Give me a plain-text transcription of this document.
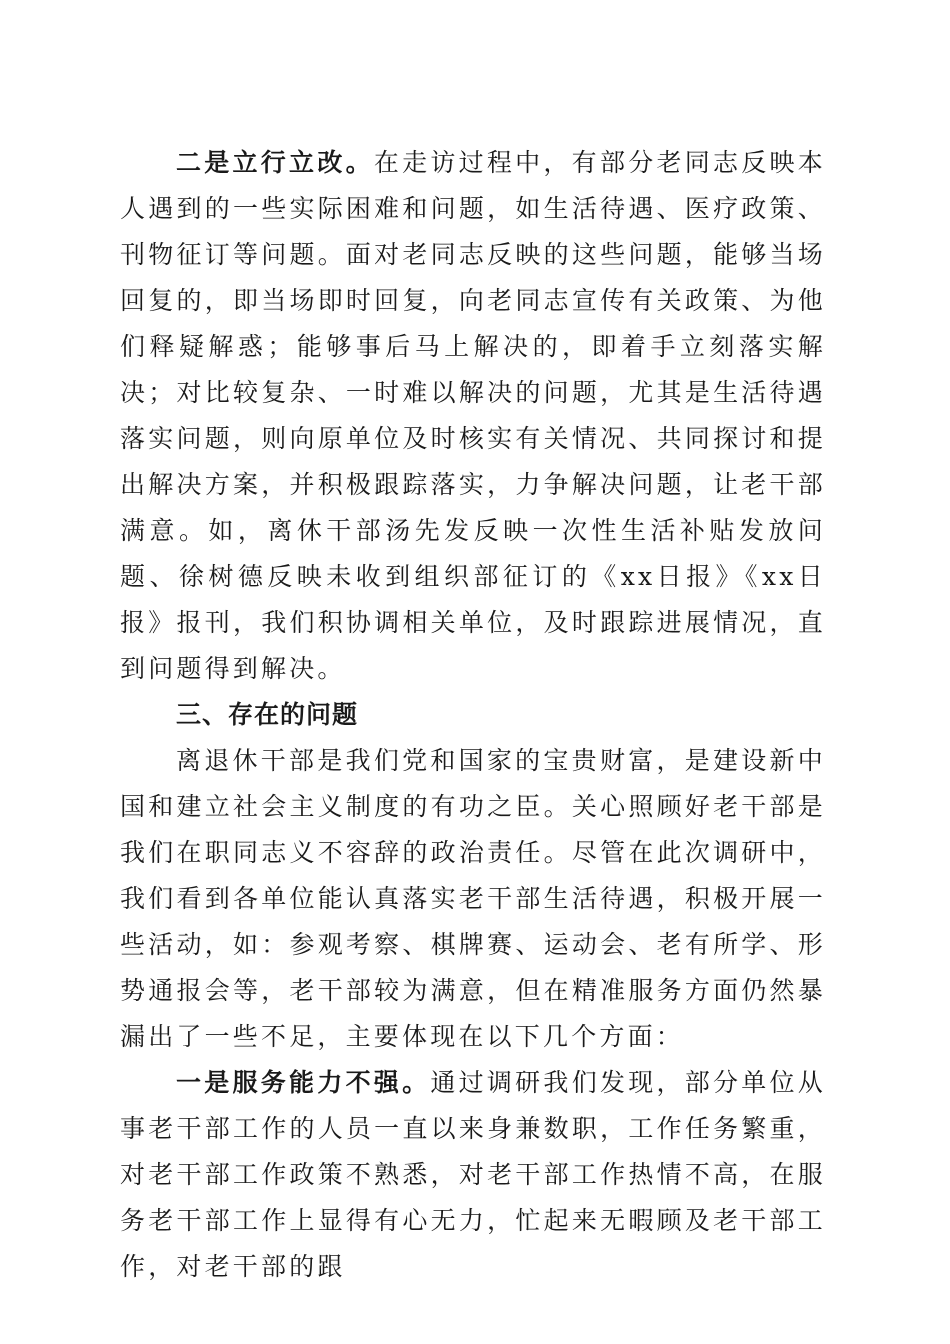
二是立行立改。在走访过程中，有部分老同志反映本人遇到的一些实际困难和问题，如生活待遇、医疗政策、刊物征订等问题。面对老同志反映的这些问题，能够当场回复的，即当场即时回复，向老同志宣传有关政策、为他们释疑解惑；能够事后马上解决的，即着手立刻落实解决；对比较复杂、一时难以解决的问题，尤其是生活待遇落实问题，则向原单位及时核实有关情况、共同探讨和提出解决方案，并积极跟踪落实，力争解决问题，让老干部满意。如，离休干部汤先发反映一次性生活补贴发放问题、徐树德反映未收到组织部征订的《xx日报》《xx日报》报刊，我们积协调相关单位，及时跟踪进展情况，直到问题得到解决。

三、存在的问题

离退休干部是我们党和国家的宝贵财富，是建设新中国和建立社会主义制度的有功之臣。关心照顾好老干部是我们在职同志义不容辞的政治责任。尽管在此次调研中，我们看到各单位能认真落实老干部生活待遇，积极开展一些活动，如：参观考察、棋牌赛、运动会、老有所学、形势通报会等，老干部较为满意，但在精准服务方面仍然暴漏出了一些不足，主要体现在以下几个方面：

一是服务能力不强。通过调研我们发现，部分单位从事老干部工作的人员一直以来身兼数职，工作任务繁重，对老干部工作政策不熟悉，对老干部工作热情不高，在服务老干部工作上显得有心无力，忙起来无暇顾及老干部工作，对老干部的跟
